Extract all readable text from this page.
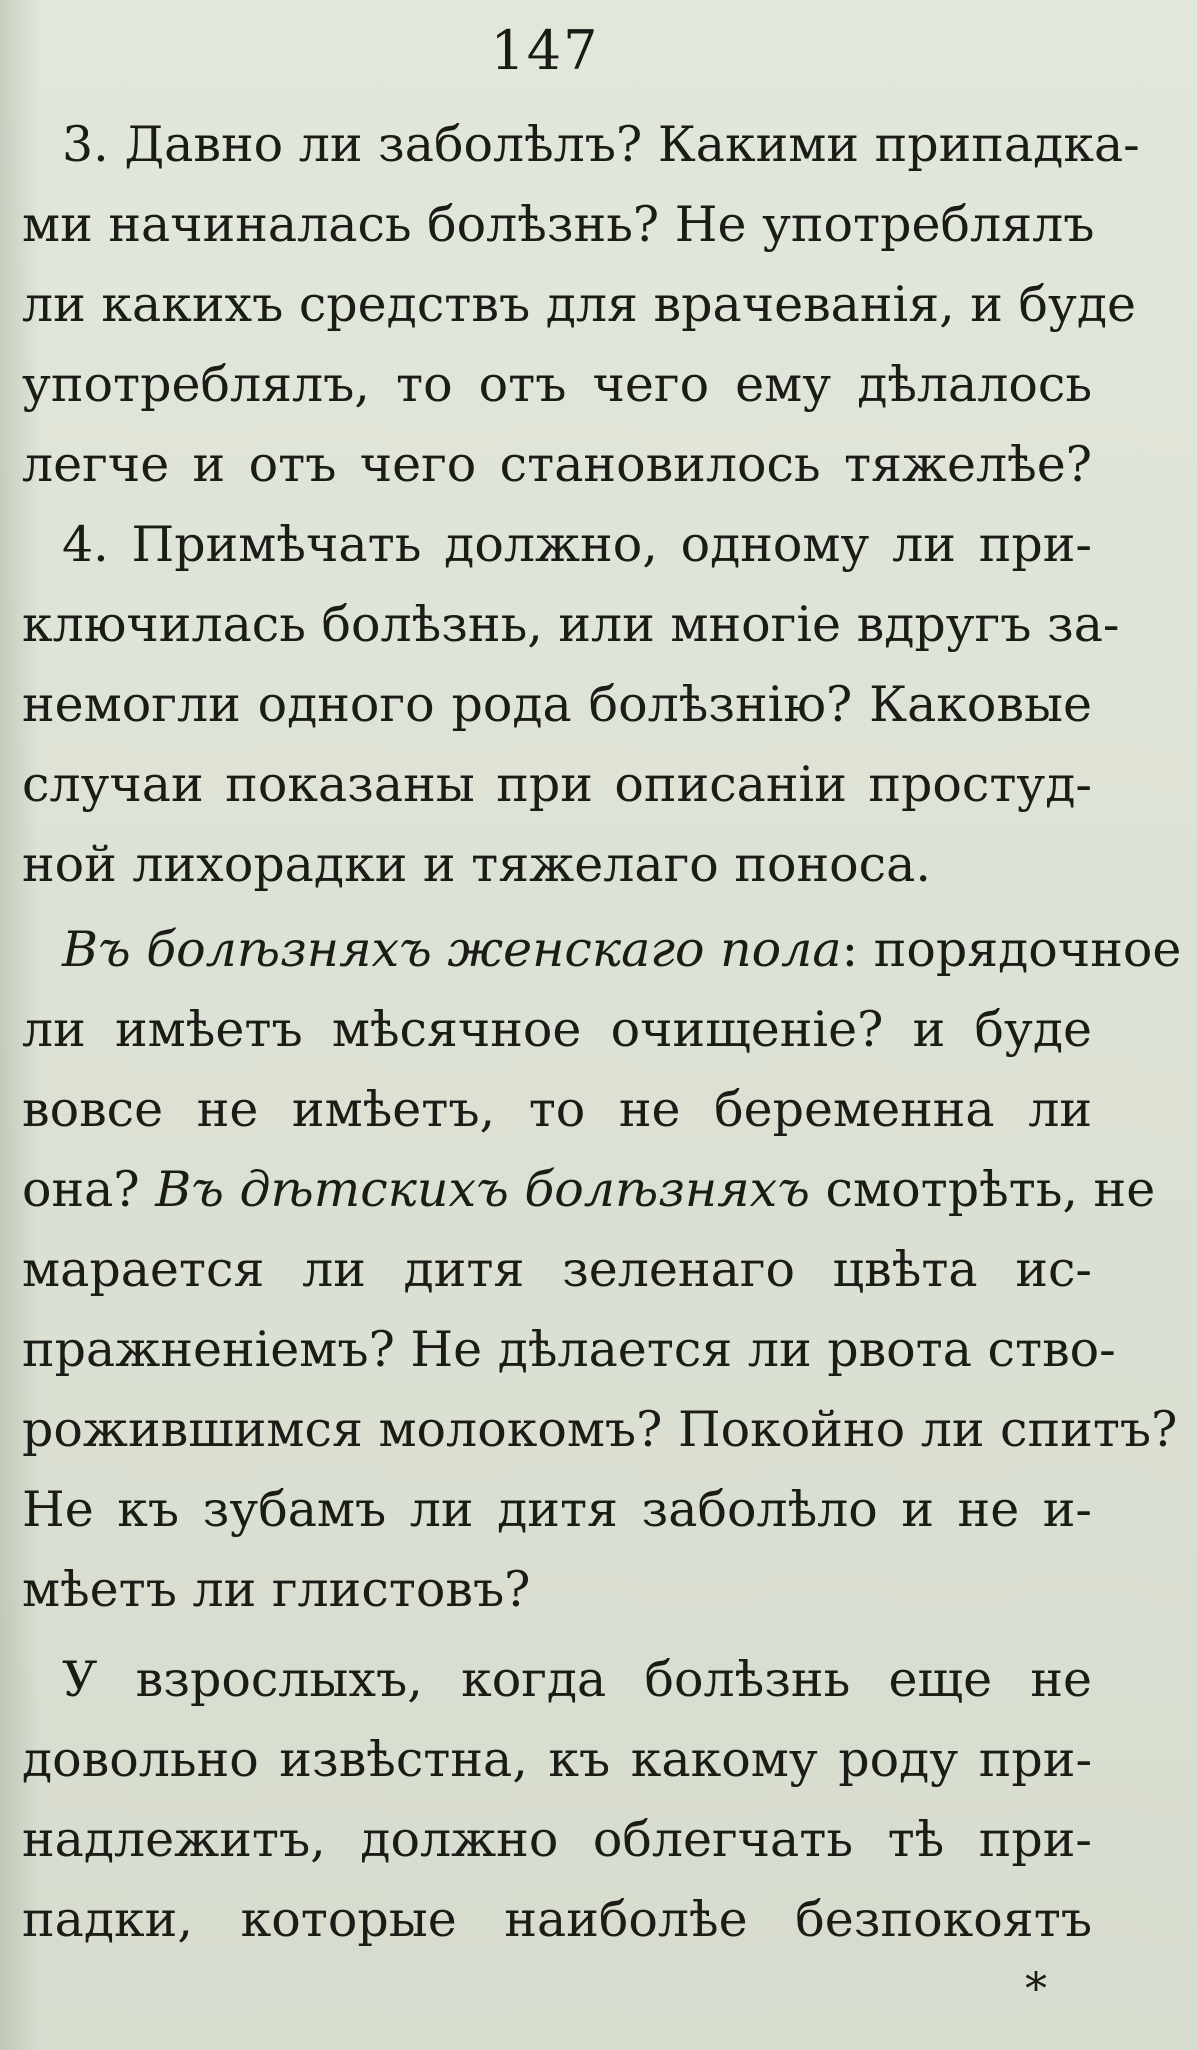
147
3. Давно ли заболѣлъ? Какими припадка-
ми начиналась болѣзнь? Не употреблялъ
ли какихъ средствъ для врачеванія, и буде
употреблялъ, то отъ чего ему дѣлалось
легче и отъ чего становилось тяжелѣе?
4. Примѣчать должно, одному ли при-
ключилась болѣзнь, или многіе вдругъ за-
немогли одного рода болѣзнію? Каковые
случаи показаны при описаніи простуд-
ной лихорадки и тяжелаго поноса.
Въ болѣзняхъ женскаго пола: порядочное
ли имѣетъ мѣсячное очищеніе? и буде
вовсе не имѣетъ, то не беременна ли
она? Въ дѣтскихъ болѣзняхъ смотрѣть, не
мараетcя ли дитя зеленаго цвѣта ис-
пражненіемъ? Не дѣлаетcя ли рвота ство-
рожившимся молокомъ? Покойно ли спитъ?
Не къ зубамъ ли дитя заболѣло и не и-
мѣетъ ли глистовъ?
У взрослыхъ, когда болѣзнь еще не
довольно извѣстна, къ какому роду при-
надлежитъ, должно облегчать тѣ при-
падки, которые наиболѣе безпокоятъ
*
